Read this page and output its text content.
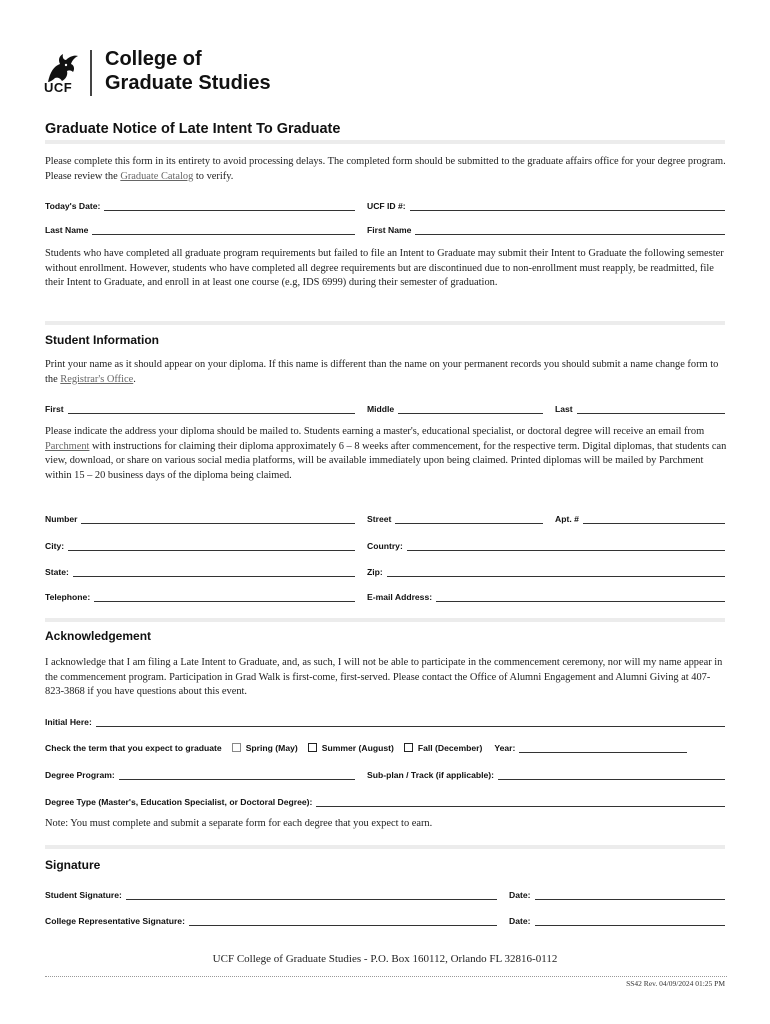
UCF
College of
Graduate Studies
Graduate Notice of Late Intent To Graduate
Please complete this form in its entirety to avoid processing delays. The completed form should be submitted to the graduate affairs office for your degree program. Please review the Graduate Catalog to verify.
Today's Date:	UCF ID #:
Last Name	First Name
Students who have completed all graduate program requirements but failed to file an Intent to Graduate may submit their Intent to Graduate the following semester without enrollment. However, students who have completed all degree requirements but are discontinued due to non-enrollment must reapply, be readmitted, file their Intent to Graduate, and enroll in at least one course (e.g, IDS 6999) during their semester of graduation.
Student Information
Print your name as it should appear on your diploma. If this name is different than the name on your permanent records you should submit a name change form to the Registrar's Office.
First	Middle	Last
Please indicate the address your diploma should be mailed to. Students earning a master's, educational specialist, or doctoral degree will receive an email from Parchment with instructions for claiming their diploma approximately 6 – 8 weeks after commencement, for the respective term. Digital diplomas, that students can view, download, or share on various social media platforms, will be available immediately upon being claimed. Printed diplomas will be mailed by Parchment within 15 – 20 business days of the diploma being claimed.
Number	Street	Apt. #
City:	Country:
State:	Zip:
Telephone:	E-mail Address:
Acknowledgement
I acknowledge that I am filing a Late Intent to Graduate, and, as such, I will not be able to participate in the commencement ceremony, nor will my name appear in the commencement program. Participation in Grad Walk is first-come, first-served. Please contact the Office of Alumni Engagement and Alumni Giving at 407-823-3868 if you have questions about this event.
Initial Here:
Check the term that you expect to graduate	Spring (May)	Summer (August)	Fall (December) Year:
Degree Program:	Sub-plan / Track (if applicable):
Degree Type (Master's, Education Specialist, or Doctoral Degree):
Note: You must complete and submit a separate form for each degree that you expect to earn.
Signature
Student Signature:	Date:
College Representative Signature:	Date:
UCF College of Graduate Studies - P.O. Box 160112, Orlando FL 32816-0112
SS42 Rev. 04/09/2024 01:25 PM
